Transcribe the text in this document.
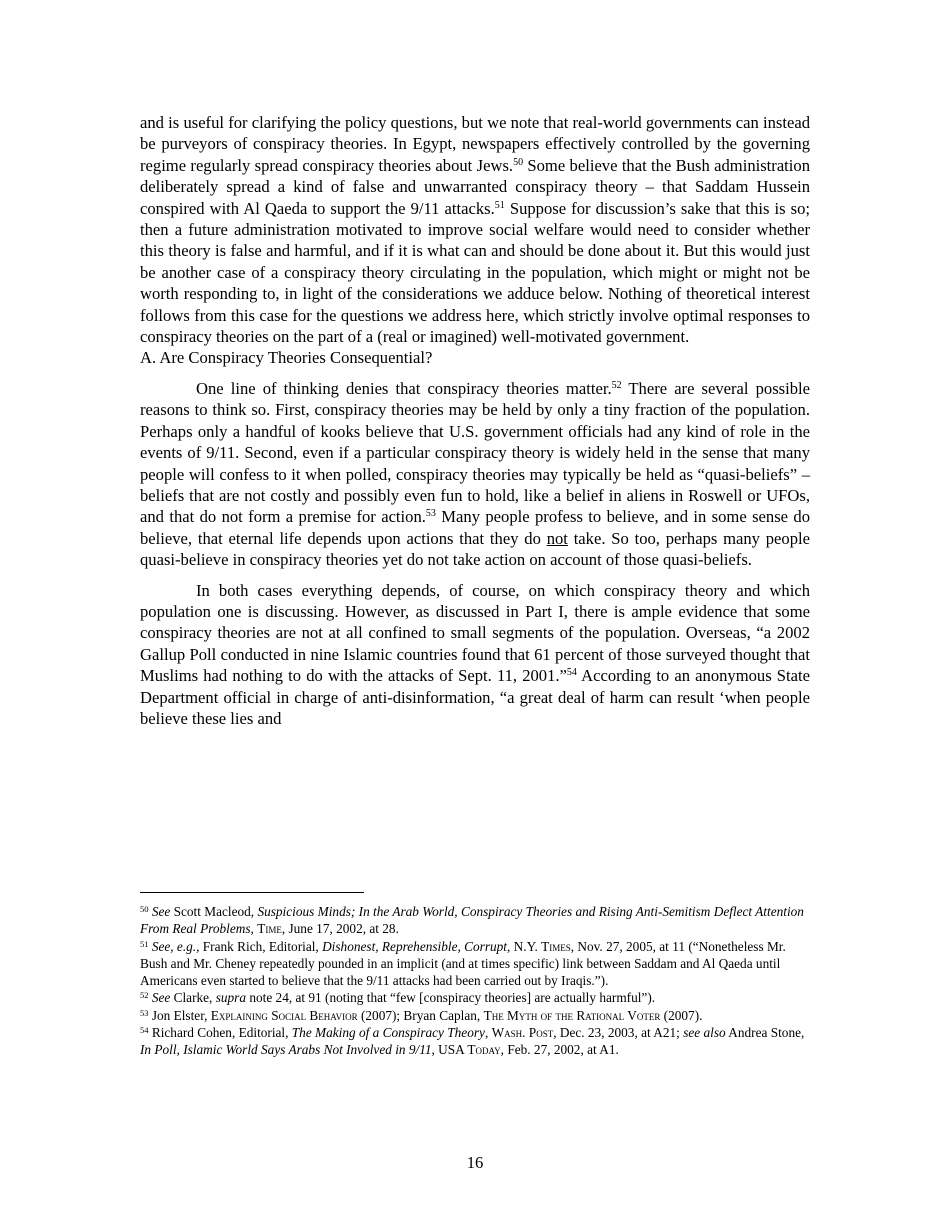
and is useful for clarifying the policy questions, but we note that real-world governments can instead be purveyors of conspiracy theories. In Egypt, newspapers effectively controlled by the governing regime regularly spread conspiracy theories about Jews.$^{50}$ Some believe that the Bush administration deliberately spread a kind of false and unwarranted conspiracy theory – that Saddam Hussein conspired with Al Qaeda to support the 9/11 attacks.$^{51}$ Suppose for discussion’s sake that this is so; then a future administration motivated to improve social welfare would need to consider whether this theory is false and harmful, and if it is what can and should be done about it. But this would just be another case of a conspiracy theory circulating in the population, which might or might not be worth responding to, in light of the considerations we adduce below. Nothing of theoretical interest follows from this case for the questions we address here, which strictly involve optimal responses to conspiracy theories on the part of a (real or imagined) well-motivated government.

A. Are Conspiracy Theories Consequential?

One line of thinking denies that conspiracy theories matter.$^{52}$ There are several possible reasons to think so. First, conspiracy theories may be held by only a tiny fraction of the population. Perhaps only a handful of kooks believe that U.S. government officials had any kind of role in the events of 9/11. Second, even if a particular conspiracy theory is widely held in the sense that many people will confess to it when polled, conspiracy theories may typically be held as “quasi-beliefs” – beliefs that are not costly and possibly even fun to hold, like a belief in aliens in Roswell or UFOs, and that do not form a premise for action.$^{53}$ Many people profess to believe, and in some sense do believe, that eternal life depends upon actions that they do not take. So too, perhaps many people quasi-believe in conspiracy theories yet do not take action on account of those quasi-beliefs.

In both cases everything depends, of course, on which conspiracy theory and which population one is discussing. However, as discussed in Part I, there is ample evidence that some conspiracy theories are not at all confined to small segments of the population. Overseas, “a 2002 Gallup Poll conducted in nine Islamic countries found that 61 percent of those surveyed thought that Muslims had nothing to do with the attacks of Sept. 11, 2001.”$^{54}$ According to an anonymous State Department official in charge of anti-disinformation, “a great deal of harm can result ‘when people believe these lies and

$^{50}$ See Scott Macleod, Suspicious Minds; In the Arab World, Conspiracy Theories and Rising Anti-Semitism Deflect Attention From Real Problems, Time, June 17, 2002, at 28.

$^{51}$ See, e.g., Frank Rich, Editorial, Dishonest, Reprehensible, Corrupt, N.Y. Times, Nov. 27, 2005, at 11 (“Nonetheless Mr. Bush and Mr. Cheney repeatedly pounded in an implicit (and at times specific) link between Saddam and Al Qaeda until Americans even started to believe that the 9/11 attacks had been carried out by Iraqis.”).

$^{52}$ See Clarke, supra note 24, at 91 (noting that “few [conspiracy theories] are actually harmful”).

$^{53}$ Jon Elster, Explaining Social Behavior (2007); Bryan Caplan, The Myth of the Rational Voter (2007).

$^{54}$ Richard Cohen, Editorial, The Making of a Conspiracy Theory, Wash. Post, Dec. 23, 2003, at A21; see also Andrea Stone, In Poll, Islamic World Says Arabs Not Involved in 9/11, USA Today, Feb. 27, 2002, at A1.

16
